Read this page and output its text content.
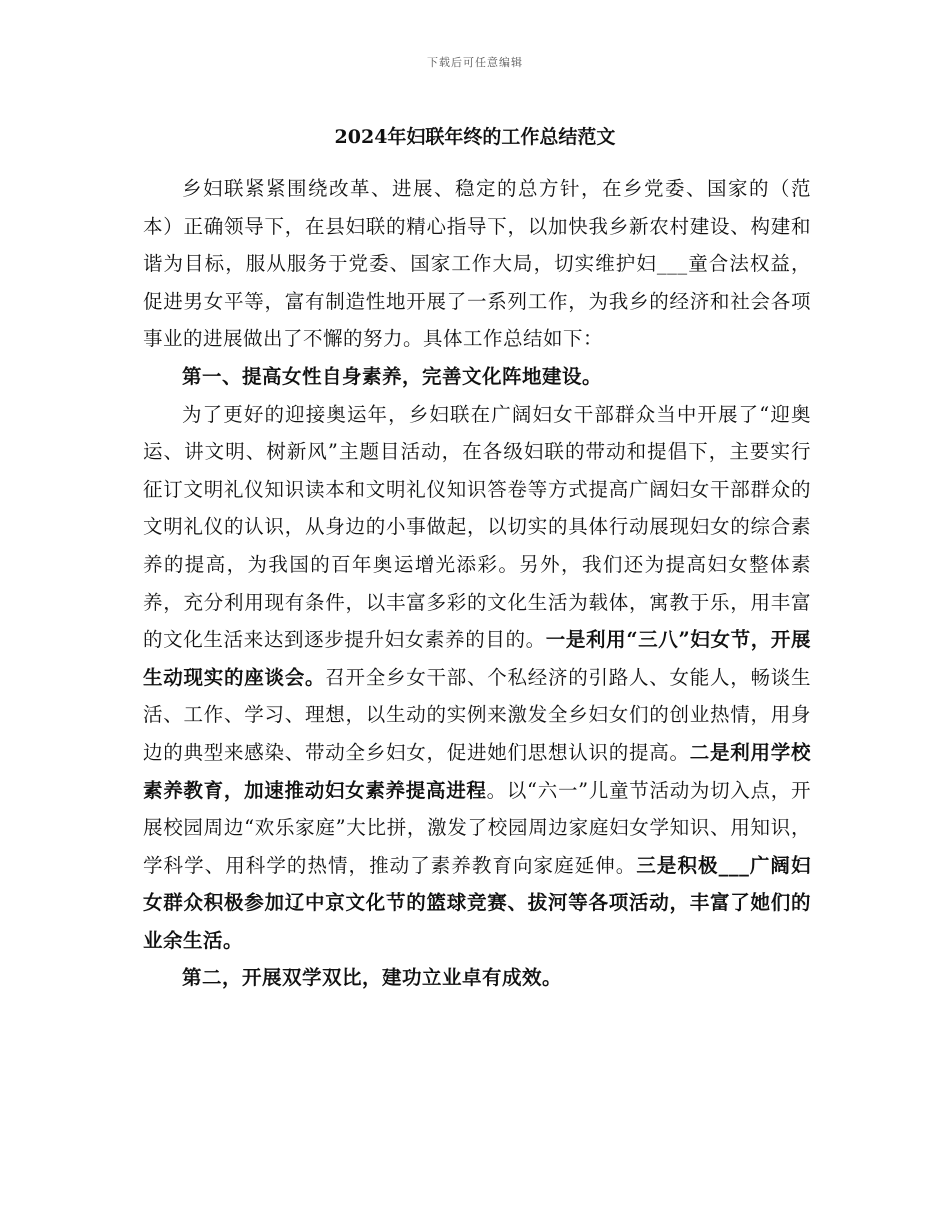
下载后可任意编辑
2024年妇联年终的工作总结范文

乡妇联紧紧围绕改革、进展、稳定的总方针，在乡党委、国家的（范本）正确领导下，在县妇联的精心指导下，以加快我乡新农村建设、构建和谐为目标，服从服务于党委、国家工作大局，切实维护妇___童合法权益，促进男女平等，富有制造性地开展了一系列工作，为我乡的经济和社会各项事业的进展做出了不懈的努力。具体工作总结如下：

第一、提高女性自身素养，完善文化阵地建设。

为了更好的迎接奥运年，乡妇联在广阔妇女干部群众当中开展了“迎奥运、讲文明、树新风”主题目活动，在各级妇联的带动和提倡下，主要实行征订文明礼仪知识读本和文明礼仪知识答卷等方式提高广阔妇女干部群众的文明礼仪的认识，从身边的小事做起，以切实的具体行动展现妇女的综合素养的提高，为我国的百年奥运增光添彩。另外，我们还为提高妇女整体素养，充分利用现有条件，以丰富多彩的文化生活为载体，寓教于乐，用丰富的文化生活来达到逐步提升妇女素养的目的。一是利用“三八”妇女节，开展生动现实的座谈会。召开全乡女干部、个私经济的引路人、女能人，畅谈生活、工作、学习、理想，以生动的实例来激发全乡妇女们的创业热情，用身边的典型来感染、带动全乡妇女，促进她们思想认识的提高。二是利用学校素养教育，加速推动妇女素养提高进程。以“六一”儿童节活动为切入点，开展校园周边“欢乐家庭”大比拼，激发了校园周边家庭妇女学知识、用知识，学科学、用科学的热情，推动了素养教育向家庭延伸。三是积极___广阔妇女群众积极参加辽中京文化节的篮球竞赛、拔河等各项活动，丰富了她们的业余生活。

第二，开展双学双比，建功立业卓有成效。
